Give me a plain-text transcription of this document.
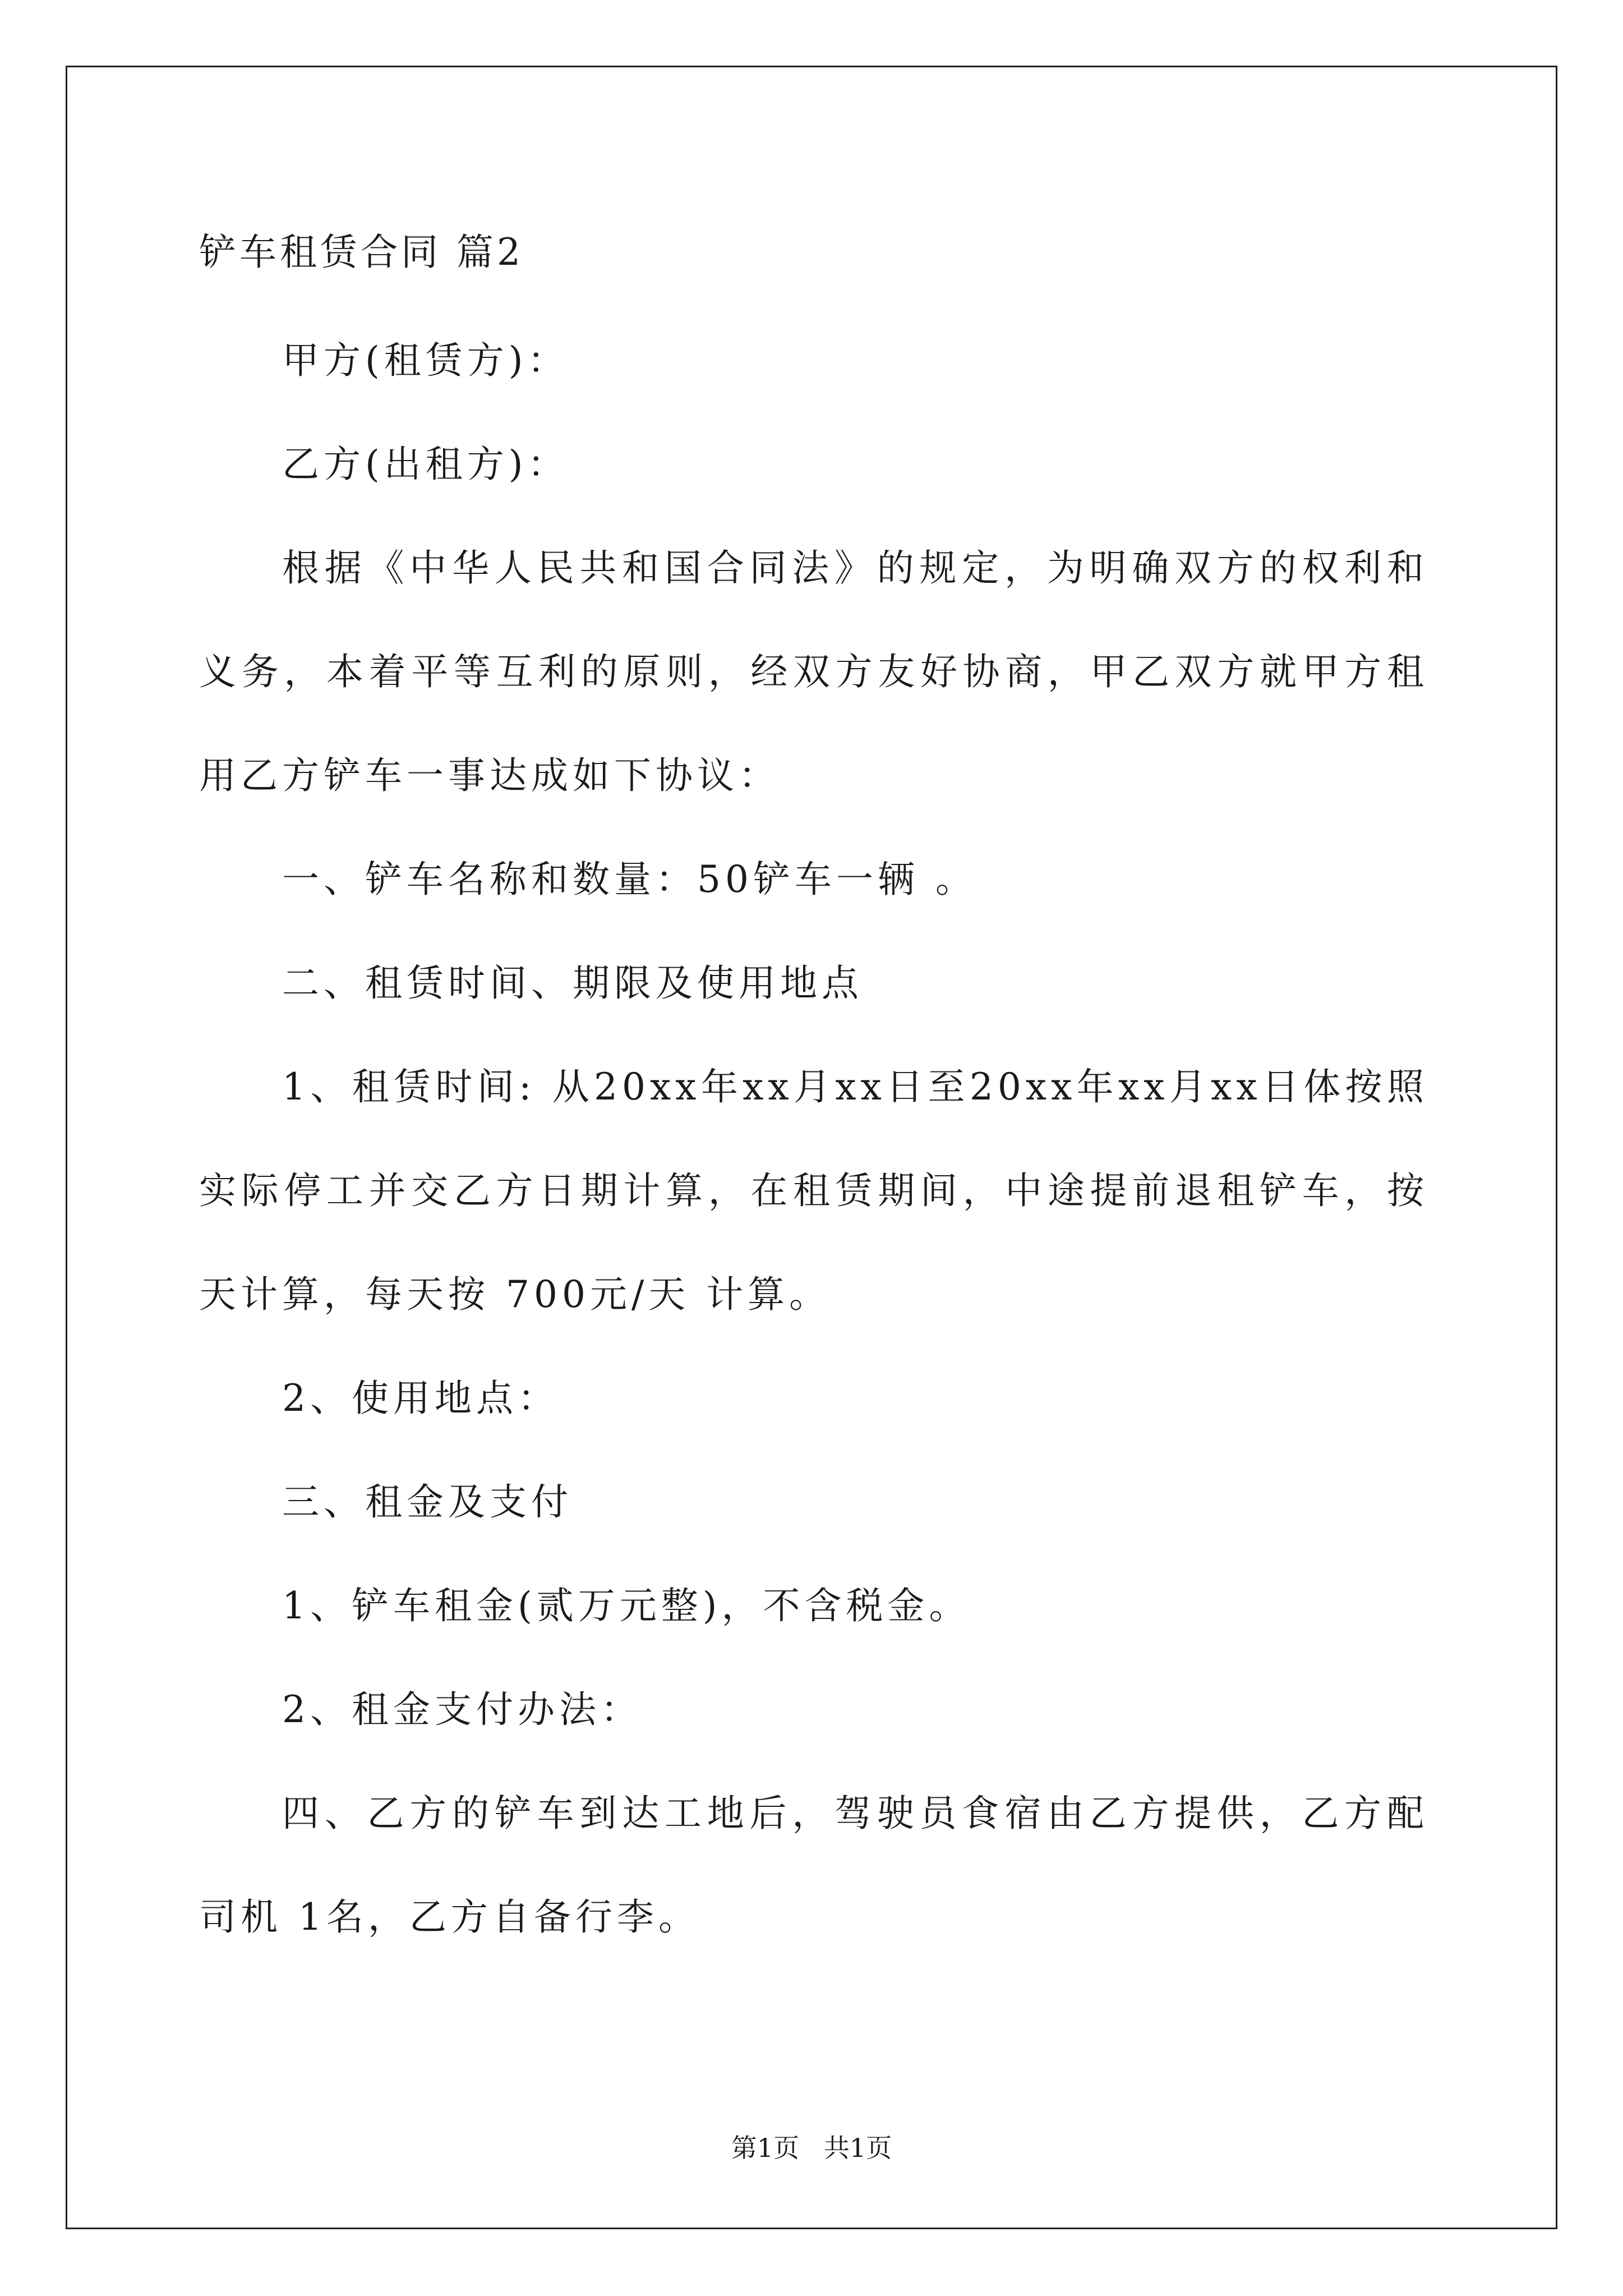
铲车租赁合同 篇2

甲方(租赁方)：

乙方(出租方)：

根据《中华人民共和国合同法》的规定，为明确双方的权利和义务，本着平等互利的原则，经双方友好协商，甲乙双方就甲方租用乙方铲车一事达成如下协议：

一、铲车名称和数量：50铲车一辆 。

二、租赁时间、期限及使用地点

1、租赁时间: 从20xx年xx月xx日至20xx年xx月xx日体按照实际停工并交乙方日期计算，在租赁期间，中途提前退租铲车，按天计算，每天按 700元/天 计算。

2、使用地点：

三、租金及支付

1、铲车租金(贰万元整)，不含税金。

2、租金支付办法：

四、乙方的铲车到达工地后，驾驶员食宿由乙方提供，乙方配司机 1名，乙方自备行李。

第1页   共1页
